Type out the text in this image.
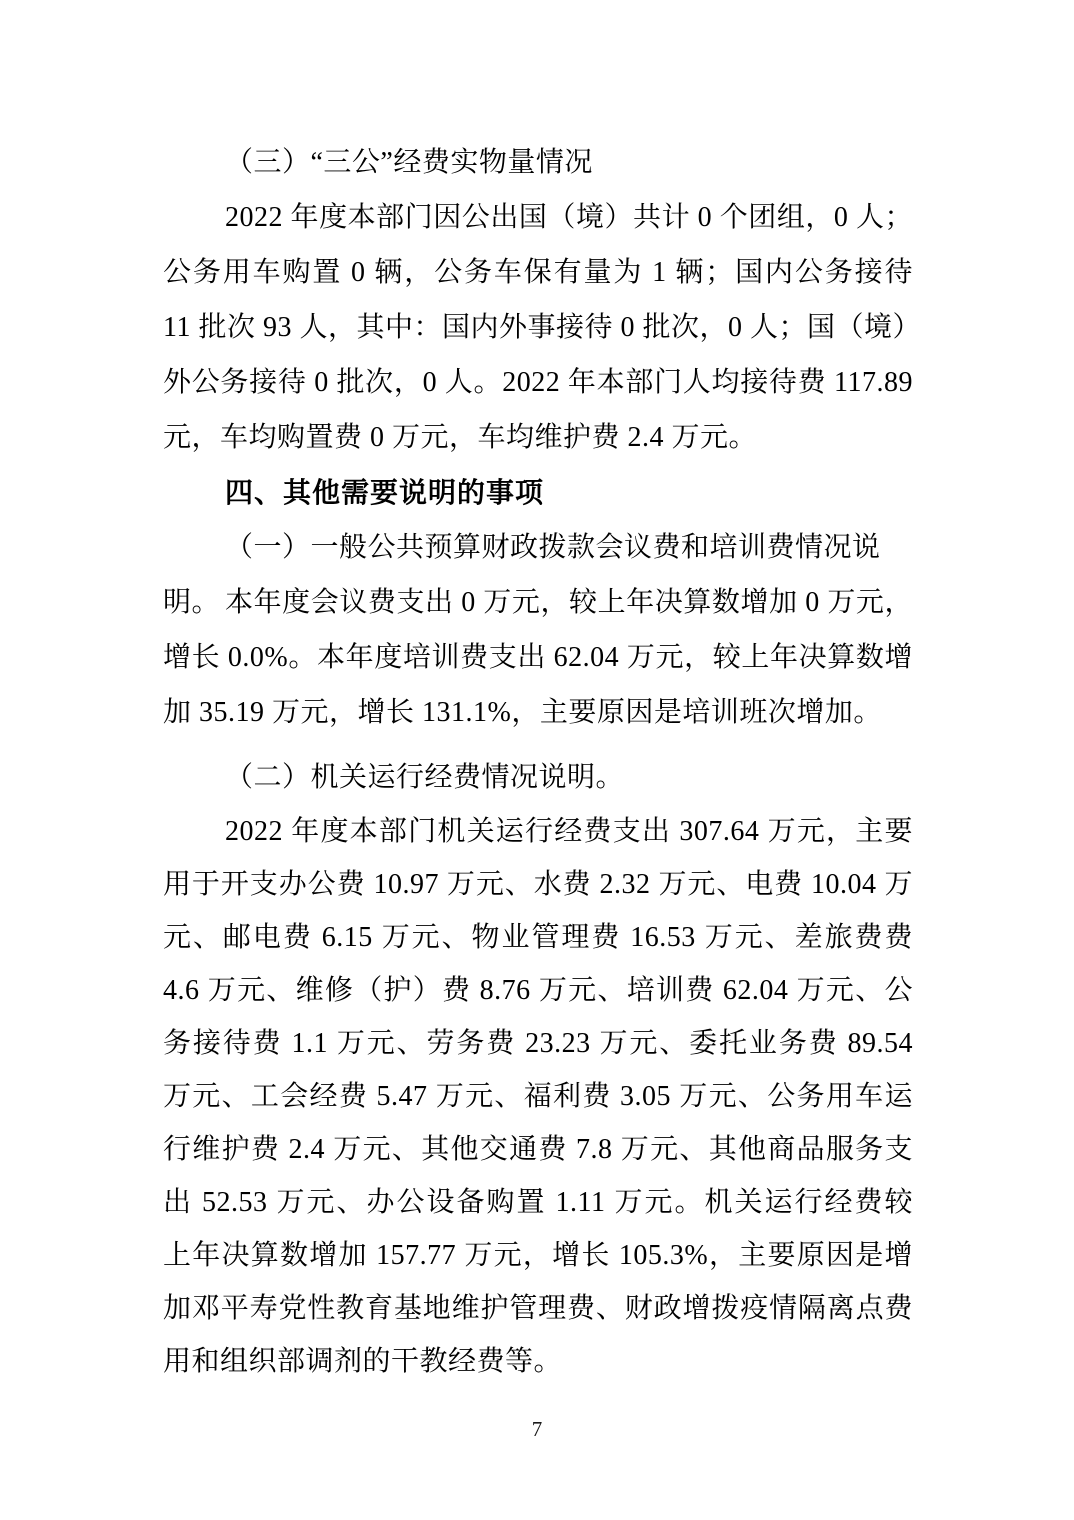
（三）“三公”经费实物量情况
2022 年度本部门因公出国（境）共计 0 个团组，0 人；
公务用车购置 0 辆，公务车保有量为 1 辆；国内公务接待
11 批次 93 人，其中：国内外事接待 0 批次，0 人；国（境）
外公务接待 0 批次，0 人。2022 年本部门人均接待费 117.89
元，车均购置费 0 万元，车均维护费 2.4 万元。
四、其他需要说明的事项
（一）一般公共预算财政拨款会议费和培训费情况说明。 本年度会议费支出 0 万元，较上年决算数增加 0 万元，
增长 0.0%。本年度培训费支出 62.04 万元，较上年决算数增
加 35.19 万元，增长 131.1%，主要原因是培训班次增加。
（二）机关运行经费情况说明。
2022 年度本部门机关运行经费支出 307.64 万元，主要
用于开支办公费 10.97 万元、水费 2.32 万元、电费 10.04 万
元、邮电费 6.15 万元、物业管理费 16.53 万元、差旅费费
4.6 万元、维修（护）费 8.76 万元、培训费 62.04 万元、公
务接待费 1.1 万元、劳务费 23.23 万元、委托业务费 89.54
万元、工会经费 5.47 万元、福利费 3.05 万元、公务用车运
行维护费 2.4 万元、其他交通费 7.8 万元、其他商品服务支
出 52.53 万元、办公设备购置 1.11 万元。机关运行经费较
上年决算数增加 157.77 万元，增长 105.3%，主要原因是增
加邓平寿党性教育基地维护管理费、财政增拨疫情隔离点费
用和组织部调剂的干教经费等。
7
